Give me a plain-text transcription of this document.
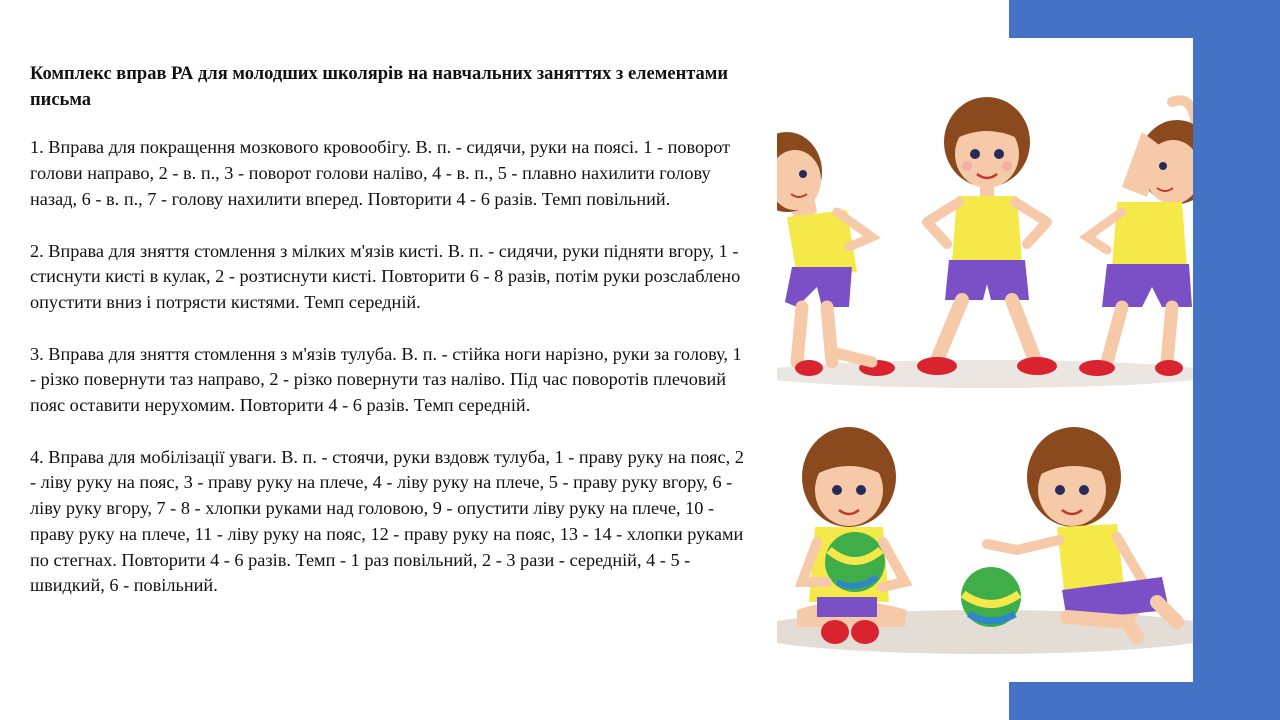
Комплекс вправ РА для молодших школярів на навчальних заняттях з елементами письма

1. Вправа для покращення мозкового кровообігу. В. п. - сидячи, руки на поясі. 1 - поворот голови направо, 2 - в. п., 3 - поворот голови наліво, 4 - в. п., 5 - плавно нахилити голову назад, 6 - в. п., 7 - голову нахилити вперед. Повторити 4 - 6 разів. Темп повільний.

2. Вправа для зняття стомлення з мілких м'язів кисті. В. п. - сидячи, руки підняти вгору, 1 - стиснути кисті в кулак, 2 - розтиснути кисті. Повторити 6 - 8 разів, потім руки розслаблено опустити вниз і потрясти кистями. Темп середній.

3. Вправа для зняття стомлення з м'язів тулуба. В. п. - стійка ноги нарізно, руки за голову, 1 - різко повернути таз направо, 2 - різко повернути таз наліво. Під час поворотів плечовий пояс оставити нерухомим. Повторити 4 - 6 разів. Темп середній.

4. Вправа для мобілізації уваги. В. п. - стоячи, руки вздовж тулуба, 1 - праву руку на пояс, 2 - ліву руку на пояс, 3 - праву руку на плече, 4 - ліву руку на плече, 5 - праву руку вгору, 6 - ліву руку вгору, 7 - 8 - хлопки руками над головою, 9 - опустити ліву руку на плече, 10 - праву руку на плече, 11 - ліву руку на пояс, 12 - праву руку на пояс, 13 - 14 - хлопки руками по стегнах. Повторити 4 - 6 разів. Темп - 1 раз повільний, 2 - 3 рази - середній, 4 - 5 - швидкий, 6 - повільний.
